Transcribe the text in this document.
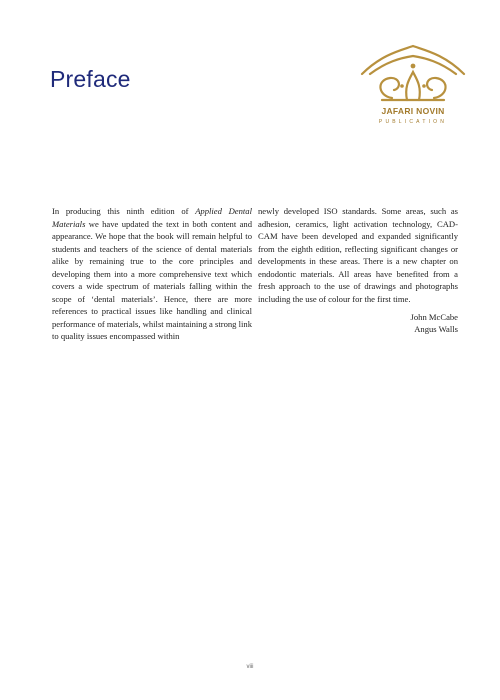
Preface
JAFARI NOVIN
PUBLICATION

In producing this ninth edition of Applied Dental Materials we have updated the text in both content and appearance. We hope that the book will remain helpful to students and teachers of the science of dental materials alike by remaining true to the core principles and developing them into a more comprehensive text which covers a wide spectrum of materials falling within the scope of ‘dental materials’. Hence, there are more references to practical issues like handling and clinical performance of materials, whilst maintaining a strong link to quality issues encompassed within

newly developed ISO standards. Some areas, such as adhesion, ceramics, light activation technology, CAD-CAM have been developed and expanded significantly from the eighth edition, reflecting significant changes or developments in these areas. There is a new chapter on endodontic materials. All areas have benefited from a fresh approach to the use of drawings and photographs including the use of colour for the first time.

John McCabe
Angus Walls
viii
